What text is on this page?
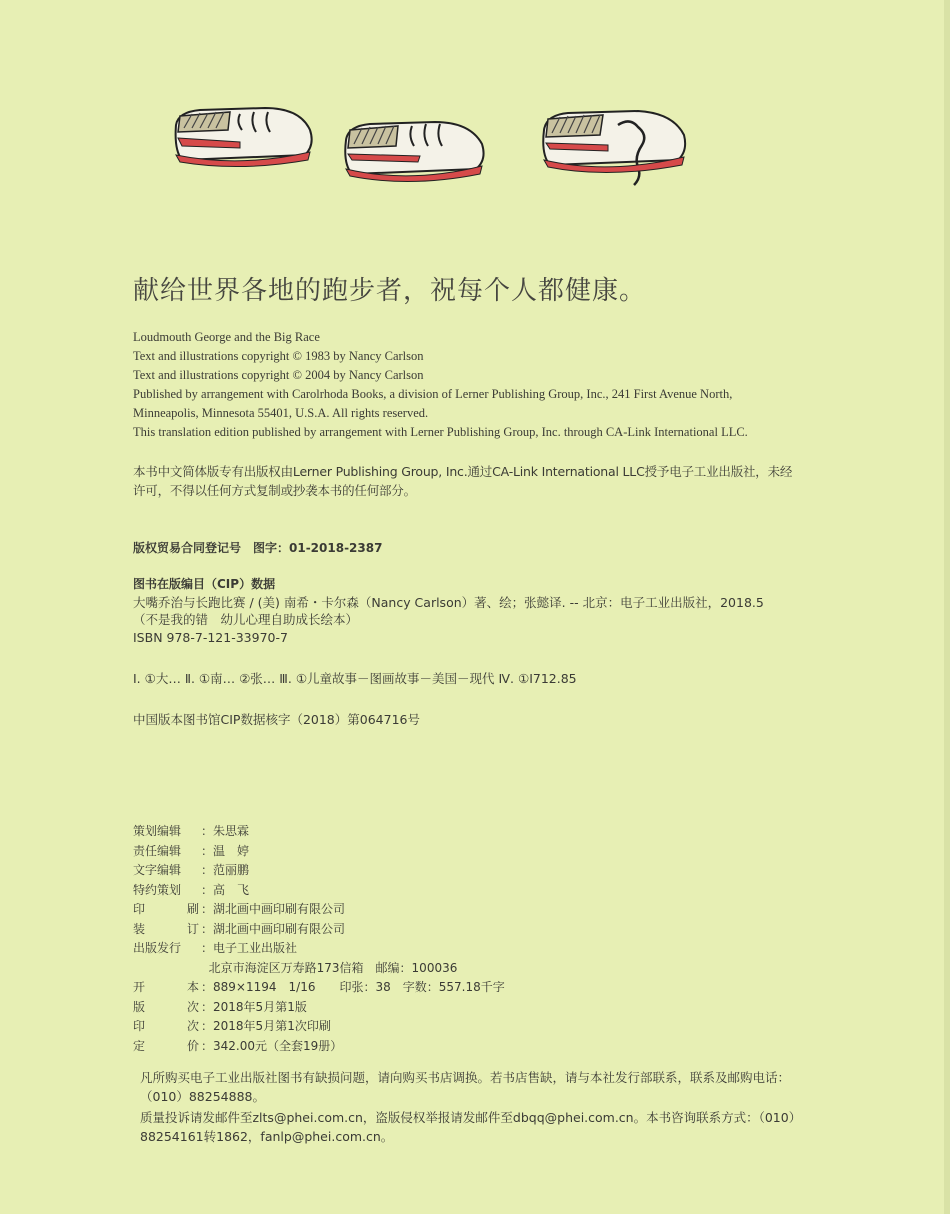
献给世界各地的跑步者，祝每个人都健康。
Loudmouth George and the Big Race
Text and illustrations copyright © 1983 by Nancy Carlson
Text and illustrations copyright © 2004 by Nancy Carlson
Published by arrangement with Carolrhoda Books, a division of Lerner Publishing Group, Inc., 241 First Avenue North,
Minneapolis, Minnesota 55401, U.S.A. All rights reserved.
This translation edition published by arrangement with Lerner Publishing Group, Inc. through CA-Link International LLC.
本书中文简体版专有出版权由Lerner Publishing Group, Inc.通过CA-Link International LLC授予电子工业出版社，未经许可，不得以任何方式复制或抄袭本书的任何部分。
版权贸易合同登记号　图字：01-2018-2387
图书在版编目（CIP）数据
大嘴乔治与长跑比赛 / (美) 南希・卡尔森（Nancy Carlson）著、绘；张懿译. -- 北京：电子工业出版社，2018.5
（不是我的错　幼儿心理自助成长绘本）
ISBN 978-7-121-33970-7
Ⅰ. ①大… Ⅱ. ①南… ②张… Ⅲ. ①儿童故事－图画故事－美国－现代 Ⅳ. ①I712.85
中国版本图书馆CIP数据核字（2018）第064716号
策划编辑	： 朱思霖
责任编辑	： 温　婷
文字编辑	： 范丽鹏
特约策划	： 高　飞
印	刷 ： 湖北画中画印刷有限公司
装	订 ： 湖北画中画印刷有限公司
出版发行	： 电子工业出版社

北京市海淀区万寿路173信箱　邮编：100036
开	本 ： 889×1194　1/16　　印张：38　字数：557.18千字
版	次 ： 2018年5月第1版
印	次 ： 2018年5月第1次印刷
定	价 ： 342.00元（全套19册）

凡所购买电子工业出版社图书有缺损问题，请向购买书店调换。若书店售缺，请与本社发行部联系，联系及邮购电话：（010）88254888。

质量投诉请发邮件至zlts@phei.com.cn，盗版侵权举报请发邮件至dbqq@phei.com.cn。本书咨询联系方式：（010）88254161转1862，fanlp@phei.com.cn。
